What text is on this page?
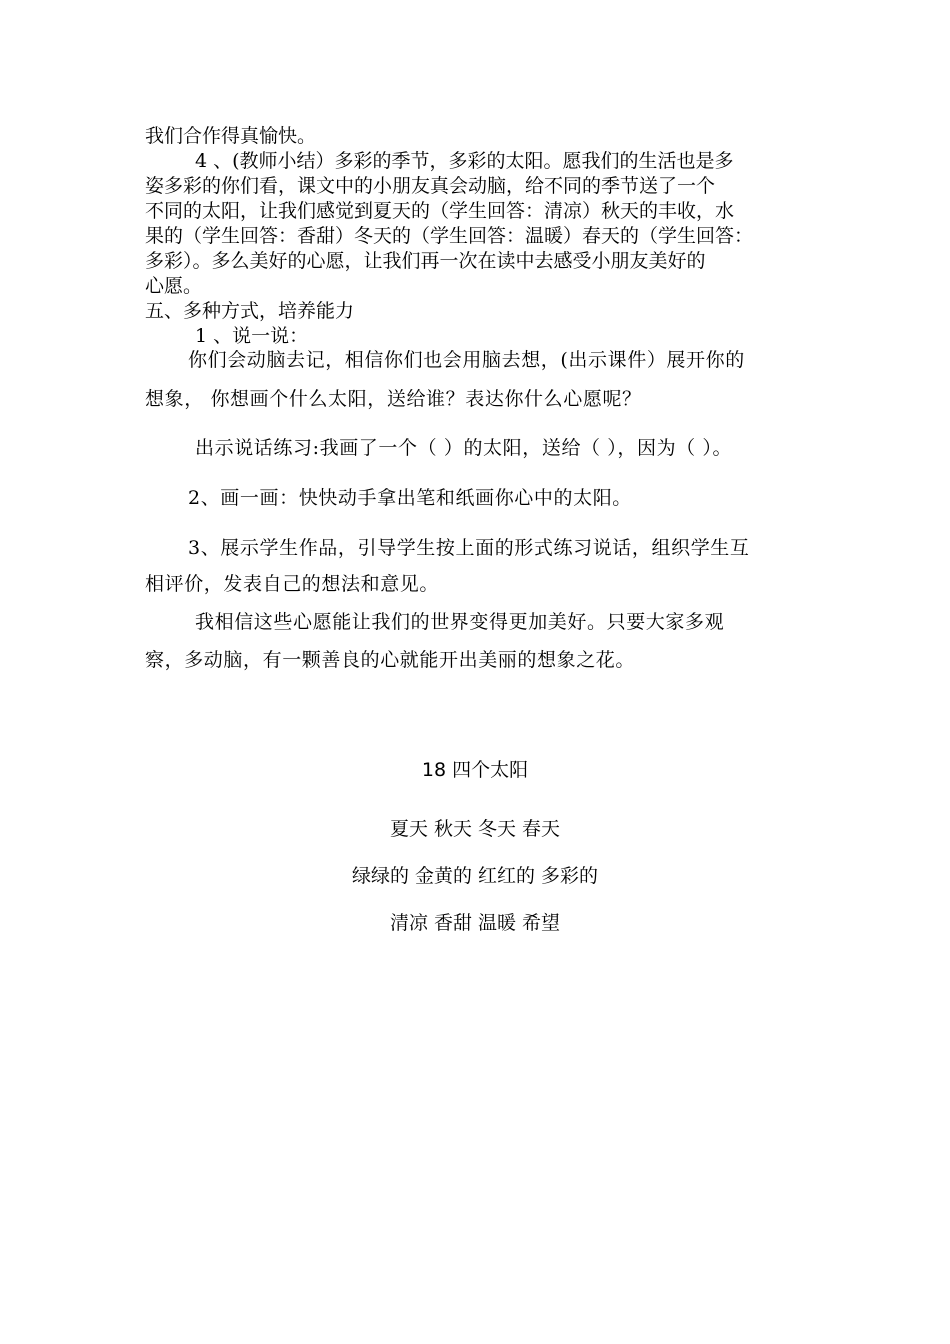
我们合作得真愉快。
4 、(教师小结）多彩的季节，多彩的太阳。愿我们的生活也是多
姿多彩的你们看，课文中的小朋友真会动脑，给不同的季节送了一个
不同的太阳，让我们感觉到夏天的（学生回答：清凉）秋天的丰收，水
果的（学生回答：香甜）冬天的（学生回答：温暖）春天的（学生回答：
多彩）。多么美好的心愿，让我们再一次在读中去感受小朋友美好的
心愿。
五、多种方式，培养能力
1 、说一说：
你们会动脑去记，相信你们也会用脑去想，(出示课件）展开你的
想象， 你想画个什么太阳，送给谁？表达你什么心愿呢？
出示说话练习:我画了一个（ ）的太阳，送给（ ），因为（ ）。
2、画一画：快快动手拿出笔和纸画你心中的太阳。
3、展示学生作品，引导学生按上面的形式练习说话，组织学生互
相评价，发表自己的想法和意见。
我相信这些心愿能让我们的世界变得更加美好。只要大家多观
察，多动脑，有一颗善良的心就能开出美丽的想象之花。
18 四个太阳
夏天 秋天 冬天 春天
绿绿的 金黄的 红红的 多彩的
清凉 香甜 温暖 希望
